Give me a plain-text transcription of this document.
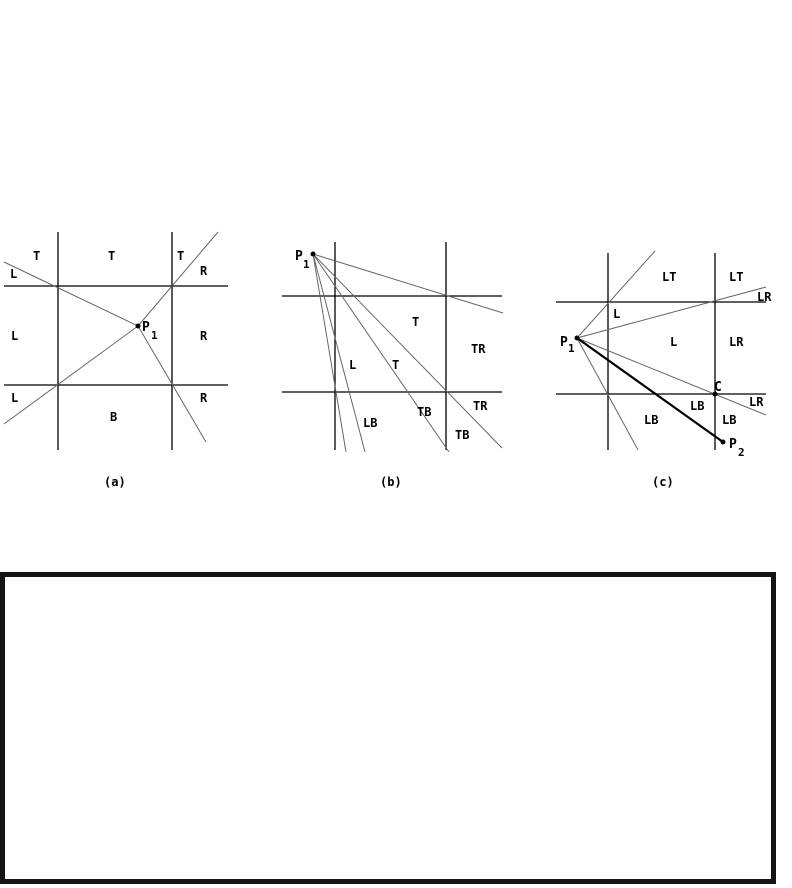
T	T	T
L	R
L	R
L	R
B
P
1
(a)
T
TR
L	T
LB
TB	TR
TB
P
1
(b)
LT	LT
LR
L
L	LR
LB
LB
LB
LR
P 1
P
2
C
(c)
